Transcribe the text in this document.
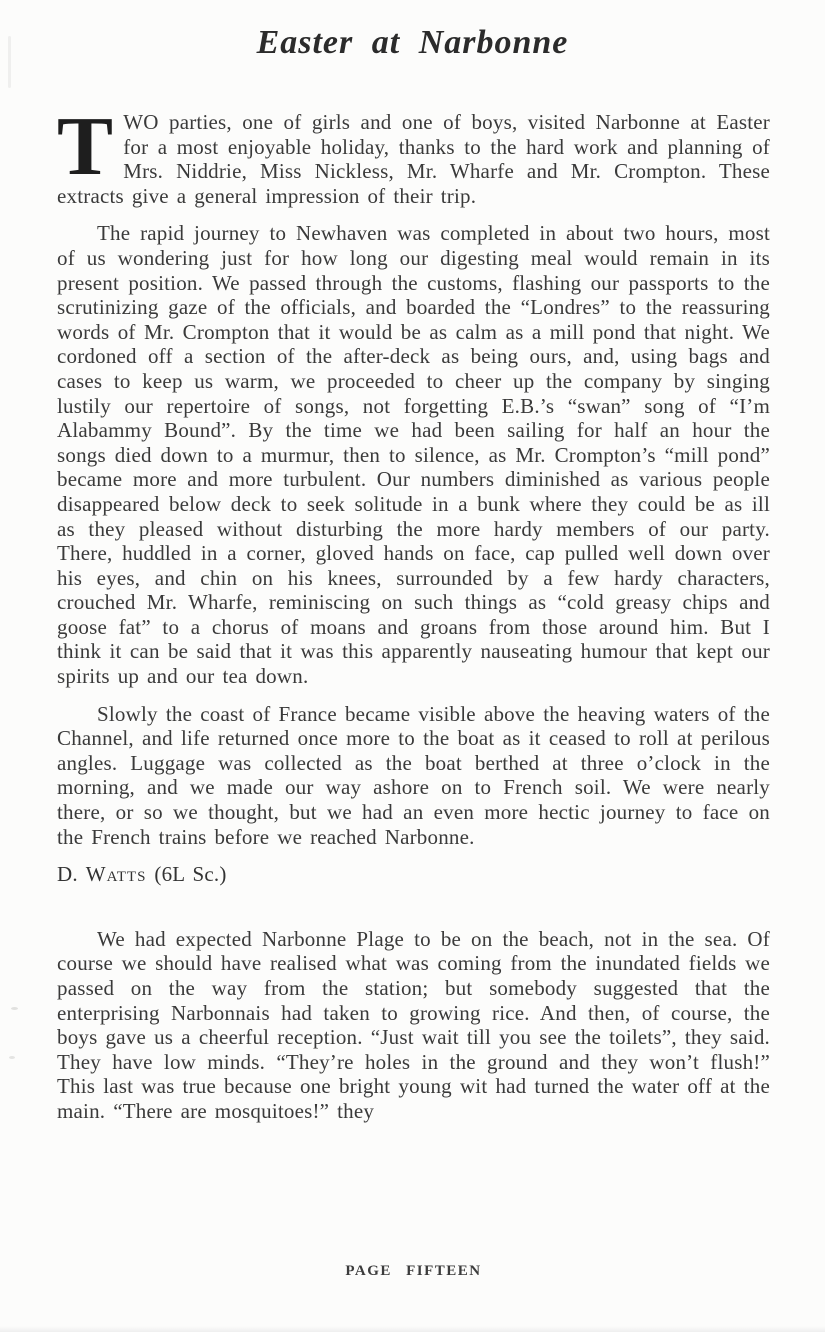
Easter at Narbonne

TWO parties, one of girls and one of boys, visited Narbonne at Easter for a most enjoyable holiday, thanks to the hard work and planning of Mrs. Niddrie, Miss Nickless, Mr. Wharfe and Mr. Crompton. These extracts give a general impression of their trip.

The rapid journey to Newhaven was completed in about two hours, most of us wondering just for how long our digesting meal would remain in its present position. We passed through the customs, flashing our passports to the scrutinizing gaze of the officials, and boarded the “Londres” to the reassuring words of Mr. Crompton that it would be as calm as a mill pond that night. We cordoned off a section of the after-deck as being ours, and, using bags and cases to keep us warm, we proceeded to cheer up the company by singing lustily our repertoire of songs, not forgetting E.B.’s “swan” song of “I’m Alabammy Bound”. By the time we had been sailing for half an hour the songs died down to a murmur, then to silence, as Mr. Crompton’s “mill pond” became more and more turbulent. Our numbers diminished as various people disappeared below deck to seek solitude in a bunk where they could be as ill as they pleased without disturbing the more hardy members of our party. There, huddled in a corner, gloved hands on face, cap pulled well down over his eyes, and chin on his knees, surrounded by a few hardy characters, crouched Mr. Wharfe, reminiscing on such things as “cold greasy chips and goose fat” to a chorus of moans and groans from those around him. But I think it can be said that it was this apparently nauseating humour that kept our spirits up and our tea down.

Slowly the coast of France became visible above the heaving waters of the Channel, and life returned once more to the boat as it ceased to roll at perilous angles. Luggage was collected as the boat berthed at three o’clock in the morning, and we made our way ashore on to French soil. We were nearly there, or so we thought, but we had an even more hectic journey to face on the French trains before we reached Narbonne.

D. Watts (6L Sc.)

We had expected Narbonne Plage to be on the beach, not in the sea. Of course we should have realised what was coming from the inundated fields we passed on the way from the station; but somebody suggested that the enterprising Narbonnais had taken to growing rice. And then, of course, the boys gave us a cheerful reception. “Just wait till you see the toilets”, they said. They have low minds. “They’re holes in the ground and they won’t flush!” This last was true because one bright young wit had turned the water off at the main. “There are mosquitoes!” they

PAGE FIFTEEN
